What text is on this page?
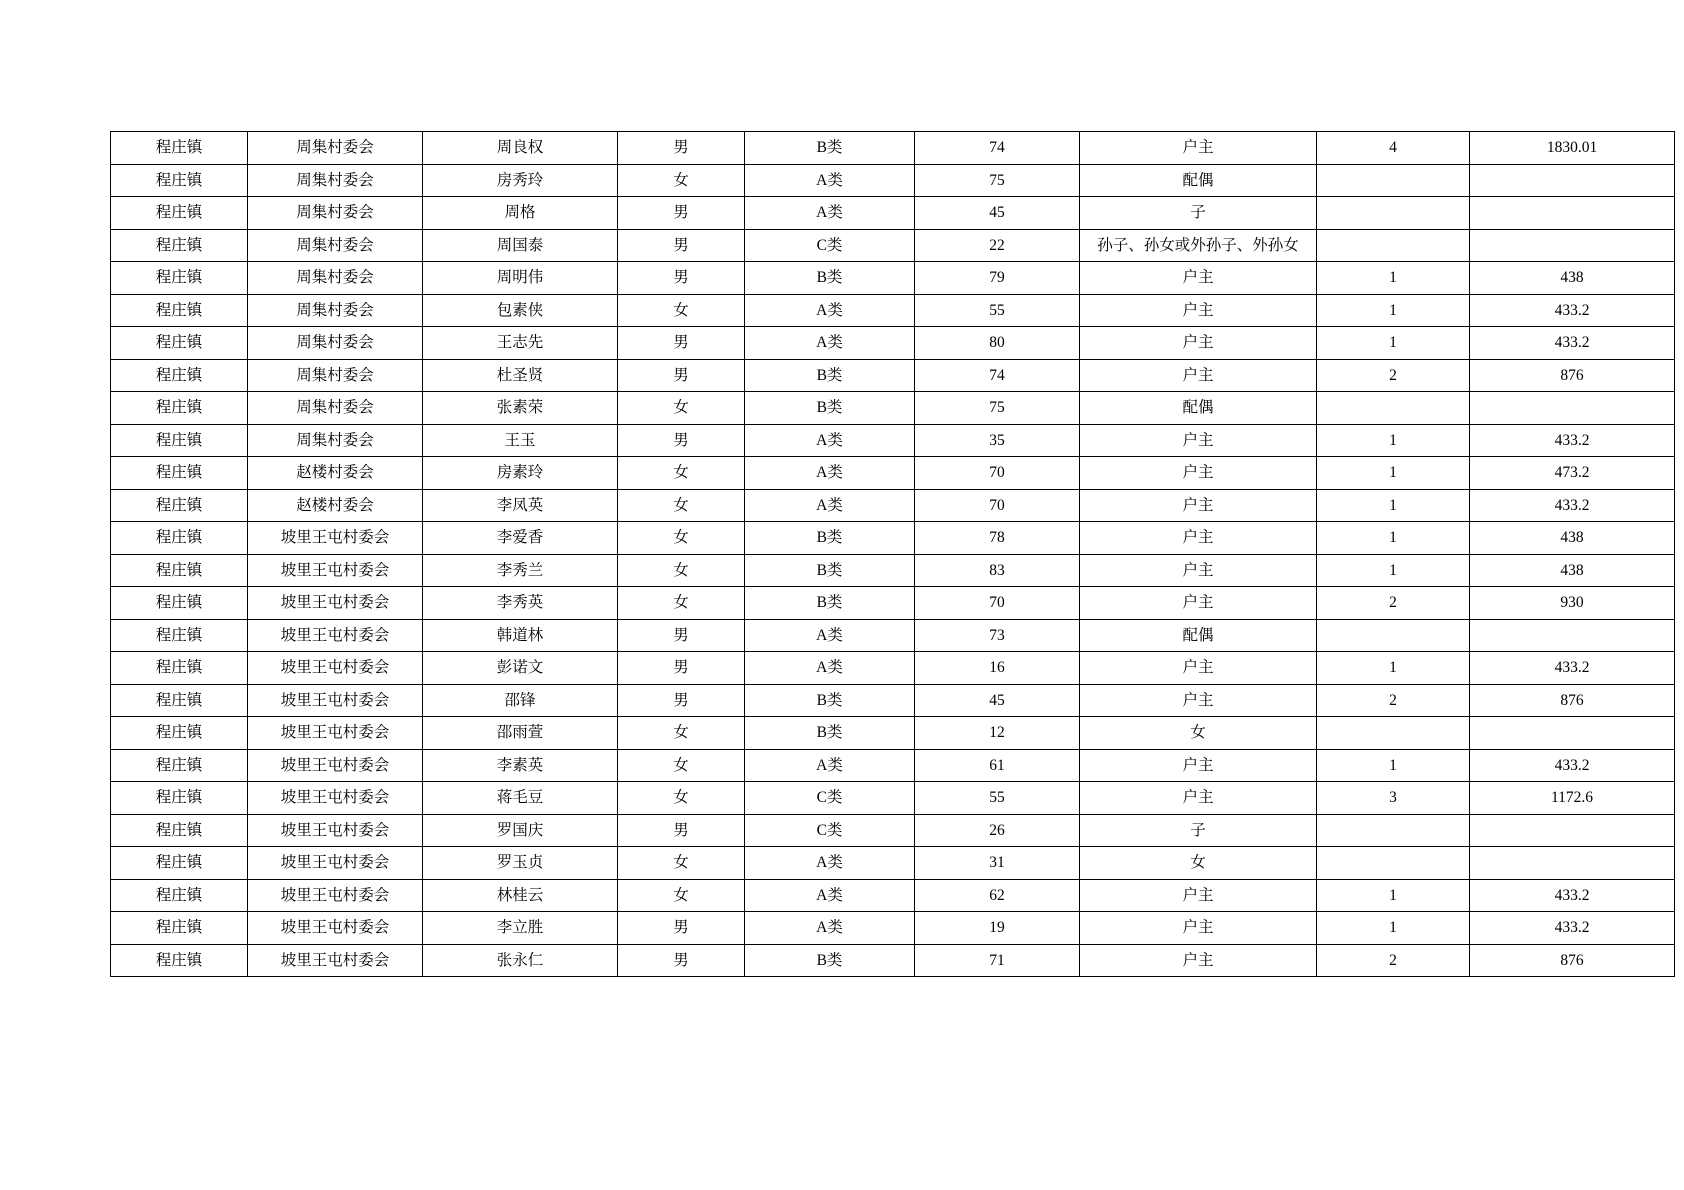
程庄镇	周集村委会	周良权	男	B类	74	户主	4	1830.01
程庄镇	周集村委会	房秀玲	女	A类	75	配偶		
程庄镇	周集村委会	周格	男	A类	45	子		
程庄镇	周集村委会	周国泰	男	C类	22	孙子、孙女或外孙子、外孙女		
程庄镇	周集村委会	周明伟	男	B类	79	户主	1	438
程庄镇	周集村委会	包素侠	女	A类	55	户主	1	433.2
程庄镇	周集村委会	王志先	男	A类	80	户主	1	433.2
程庄镇	周集村委会	杜圣贤	男	B类	74	户主	2	876
程庄镇	周集村委会	张素荣	女	B类	75	配偶		
程庄镇	周集村委会	王玉	男	A类	35	户主	1	433.2
程庄镇	赵楼村委会	房素玲	女	A类	70	户主	1	473.2
程庄镇	赵楼村委会	李凤英	女	A类	70	户主	1	433.2
程庄镇	坡里王屯村委会	李爱香	女	B类	78	户主	1	438
程庄镇	坡里王屯村委会	李秀兰	女	B类	83	户主	1	438
程庄镇	坡里王屯村委会	李秀英	女	B类	70	户主	2	930
程庄镇	坡里王屯村委会	韩道林	男	A类	73	配偶		
程庄镇	坡里王屯村委会	彭诺文	男	A类	16	户主	1	433.2
程庄镇	坡里王屯村委会	邵锋	男	B类	45	户主	2	876
程庄镇	坡里王屯村委会	邵雨萱	女	B类	12	女		
程庄镇	坡里王屯村委会	李素英	女	A类	61	户主	1	433.2
程庄镇	坡里王屯村委会	蒋毛豆	女	C类	55	户主	3	1172.6
程庄镇	坡里王屯村委会	罗国庆	男	C类	26	子		
程庄镇	坡里王屯村委会	罗玉贞	女	A类	31	女		
程庄镇	坡里王屯村委会	林桂云	女	A类	62	户主	1	433.2
程庄镇	坡里王屯村委会	李立胜	男	A类	19	户主	1	433.2
程庄镇	坡里王屯村委会	张永仁	男	B类	71	户主	2	876
